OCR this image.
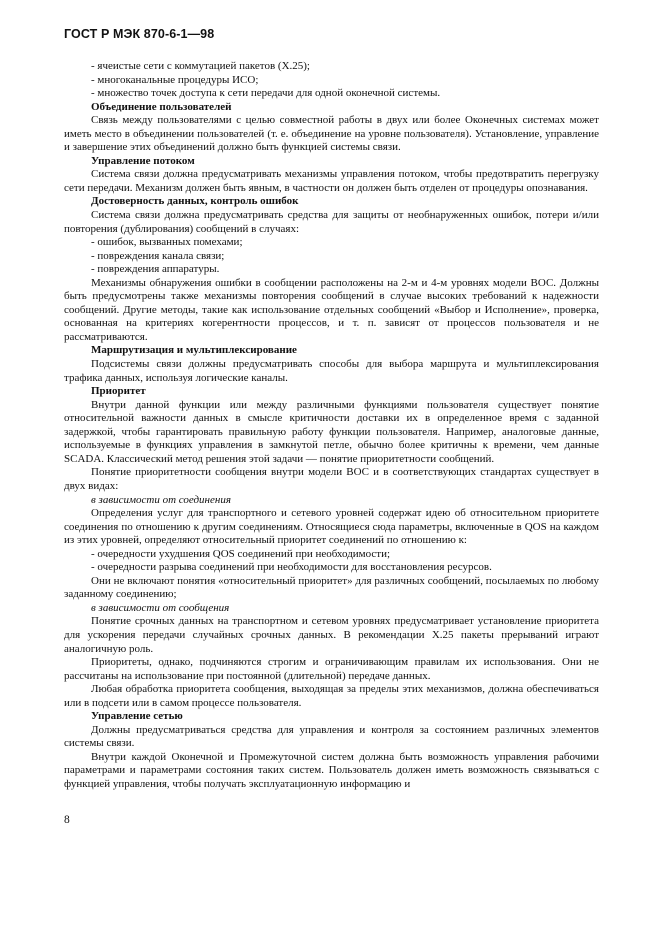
ГОСТ Р МЭК 870-6-1—98

- ячеистые сети с коммутацией пакетов (X.25);

- многоканальные процедуры ИСО;

- множество точек доступа к сети передачи для одной оконечной системы.

Объединение пользователей

Связь между пользователями с целью совместной работы в двух или более Оконечных системах может иметь место в объединении пользователей (т. е. объединение на уровне пользователя). Установление, управление и завершение этих объединений должно быть функцией системы связи.

Управление потоком

Система связи должна предусматривать механизмы управления потоком, чтобы предотвратить перегрузку сети передачи. Механизм должен быть явным, в частности он должен быть отделен от процедуры опознавания.

Достоверность данных, контроль ошибок

Система связи должна предусматривать средства для защиты от необнаруженных ошибок, потери и/или повторения (дублирования) сообщений в случаях:

- ошибок, вызванных помехами;

- повреждения канала связи;

- повреждения аппаратуры.

Механизмы обнаружения ошибки в сообщении расположены на 2-м и 4-м уровнях модели ВОС. Должны быть предусмотрены также механизмы повторения сообщений в случае высоких требований к надежности сообщений. Другие методы, такие как использование отдельных сообщений «Выбор и Исполнение», проверка, основанная на критериях когерентности процессов, и т. п. зависят от процессов пользователя и не рассматриваются.

Маршрутизация и мультиплексирование

Подсистемы связи должны предусматривать способы для выбора маршрута и мультиплексирования трафика данных, используя логические каналы.

Приоритет

Внутри данной функции или между различными функциями пользователя существует понятие относительной важности данных в смысле критичности доставки их в определенное время с заданной задержкой, чтобы гарантировать правильную работу функции пользователя. Например, аналоговые данные, используемые в функциях управления в замкнутой петле, обычно более критичны к времени, чем данные SCADA. Классический метод решения этой задачи — понятие приоритетности сообщений.

Понятие приоритетности сообщения внутри модели ВОС и в соответствующих стандартах существует в двух видах:

в зависимости от соединения

Определения услуг для транспортного и сетевого уровней содержат идею об относительном приоритете соединения по отношению к другим соединениям. Относящиеся сюда параметры, включенные в QOS на каждом из этих уровней, определяют относительный приоритет соединений по отношению к:

- очередности ухудшения QOS соединений при необходимости;

- очередности разрыва соединений при необходимости для восстановления ресурсов.

Они не включают понятия «относительный приоритет» для различных сообщений, посылаемых по любому заданному соединению;

в зависимости от сообщения

Понятие срочных данных на транспортном и сетевом уровнях предусматривает установление приоритета для ускорения передачи случайных срочных данных. В рекомендации X.25 пакеты прерываний играют аналогичную роль.

Приоритеты, однако, подчиняются строгим и ограничивающим правилам их использования. Они не рассчитаны на использование при постоянной (длительной) передаче данных.

Любая обработка приоритета сообщения, выходящая за пределы этих механизмов, должна обеспечиваться или в подсети или в самом процессе пользователя.

Управление сетью

Должны предусматриваться средства для управления и контроля за состоянием различных элементов системы связи.

Внутри каждой Оконечной и Промежуточной систем должна быть возможность управления рабочими параметрами и параметрами состояния таких систем. Пользователь должен иметь возможность связываться с функцией управления, чтобы получать эксплуатационную информацию и

8
